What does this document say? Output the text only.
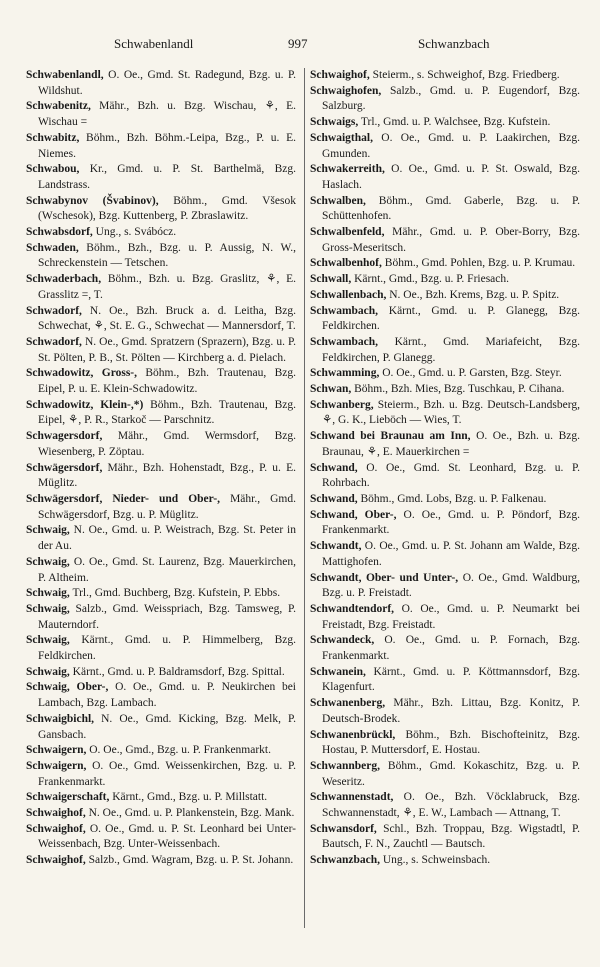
Schwabenlandl	997	Schwanzbach

Schwabenlandl, O. Oe., Gmd. St. Radegund, Bzg. u. P. Wildshut.

Schwabenitz, Mähr., Bzh. u. Bzg. Wischau, ⚘, E. Wischau =

Schwabitz, Böhm., Bzh. Böhm.-Leipa, Bzg., P. u. E. Niemes.

Schwabou, Kr., Gmd. u. P. St. Barthelmä, Bzg. Landstrass.

Schwabynov (Švabinov), Böhm., Gmd. Všesok (Wschesok), Bzg. Kuttenberg, P. Zbraslawitz.

Schwabsdorf, Ung., s. Svábócz.

Schwaden, Böhm., Bzh., Bzg. u. P. Aussig, N. W., Schreckenstein — Tetschen.

Schwaderbach, Böhm., Bzh. u. Bzg. Graslitz, ⚘, E. Grasslitz =, T.

Schwadorf, N. Oe., Bzh. Bruck a. d. Leitha, Bzg. Schwechat, ⚘, St. E. G., Schwechat — Mannersdorf, T.

Schwadorf, N. Oe., Gmd. Spratzern (Sprazern), Bzg. u. P. St. Pölten, P. B., St. Pölten — Kirchberg a. d. Pielach.

Schwadowitz, Gross-, Böhm., Bzh. Trautenau, Bzg. Eipel, P. u. E. Klein-Schwadowitz.

Schwadowitz, Klein-,*) Böhm., Bzh. Trautenau, Bzg. Eipel, ⚘, P. R., Starkoč — Parschnitz.

Schwagersdorf, Mähr., Gmd. Wermsdorf, Bzg. Wiesenberg, P. Zöptau.

Schwägersdorf, Mähr., Bzh. Hohenstadt, Bzg., P. u. E. Müglitz.

Schwägersdorf, Nieder- und Ober-, Mähr., Gmd. Schwägersdorf, Bzg. u. P. Müglitz.

Schwaig, N. Oe., Gmd. u. P. Weistrach, Bzg. St. Peter in der Au.

Schwaig, O. Oe., Gmd. St. Laurenz, Bzg. Mauerkirchen, P. Altheim.

Schwaig, Trl., Gmd. Buchberg, Bzg. Kufstein, P. Ebbs.

Schwaig, Salzb., Gmd. Weisspriach, Bzg. Tamsweg, P. Mauterndorf.

Schwaig, Kärnt., Gmd. u. P. Himmelberg, Bzg. Feldkirchen.

Schwaig, Kärnt., Gmd. u. P. Baldramsdorf, Bzg. Spittal.

Schwaig, Ober-, O. Oe., Gmd. u. P. Neukirchen bei Lambach, Bzg. Lambach.

Schwaigbichl, N. Oe., Gmd. Kicking, Bzg. Melk, P. Gansbach.

Schwaigern, O. Oe., Gmd., Bzg. u. P. Frankenmarkt.

Schwaigern, O. Oe., Gmd. Weissenkirchen, Bzg. u. P. Frankenmarkt.

Schwaigerschaft, Kärnt., Gmd., Bzg. u. P. Millstatt.

Schwaighof, N. Oe., Gmd. u. P. Plankenstein, Bzg. Mank.

Schwaighof, O. Oe., Gmd. u. P. St. Leonhard bei Unter-Weissenbach, Bzg. Unter-Weissenbach.

Schwaighof, Salzb., Gmd. Wagram, Bzg. u. P. St. Johann.

Schwaighof, Steierm., s. Schweighof, Bzg. Friedberg.

Schwaighofen, Salzb., Gmd. u. P. Eugendorf, Bzg. Salzburg.

Schwaigs, Trl., Gmd. u. P. Walchsee, Bzg. Kufstein.

Schwaigthal, O. Oe., Gmd. u. P. Laakirchen, Bzg. Gmunden.

Schwakerreith, O. Oe., Gmd. u. P. St. Oswald, Bzg. Haslach.

Schwalben, Böhm., Gmd. Gaberle, Bzg. u. P. Schüttenhofen.

Schwalbenfeld, Mähr., Gmd. u. P. Ober-Borry, Bzg. Gross-Meseritsch.

Schwalbenhof, Böhm., Gmd. Pohlen, Bzg. u. P. Krumau.

Schwall, Kärnt., Gmd., Bzg. u. P. Friesach.

Schwallenbach, N. Oe., Bzh. Krems, Bzg. u. P. Spitz.

Schwambach, Kärnt., Gmd. u. P. Glanegg, Bzg. Feldkirchen.

Schwambach, Kärnt., Gmd. Mariafeicht, Bzg. Feldkirchen, P. Glanegg.

Schwamming, O. Oe., Gmd. u. P. Garsten, Bzg. Steyr.

Schwan, Böhm., Bzh. Mies, Bzg. Tuschkau, P. Cihana.

Schwanberg, Steierm., Bzh. u. Bzg. Deutsch-Landsberg, ⚘, G. K., Lieböch — Wies, T.

Schwand bei Braunau am Inn, O. Oe., Bzh. u. Bzg. Braunau, ⚘, E. Mauerkirchen =

Schwand, O. Oe., Gmd. St. Leonhard, Bzg. u. P. Rohrbach.

Schwand, Böhm., Gmd. Lobs, Bzg. u. P. Falkenau.

Schwand, Ober-, O. Oe., Gmd. u. P. Pöndorf, Bzg. Frankenmarkt.

Schwandt, O. Oe., Gmd. u. P. St. Johann am Walde, Bzg. Mattighofen.

Schwandt, Ober- und Unter-, O. Oe., Gmd. Waldburg, Bzg. u. P. Freistadt.

Schwandtendorf, O. Oe., Gmd. u. P. Neumarkt bei Freistadt, Bzg. Freistadt.

Schwandeck, O. Oe., Gmd. u. P. Fornach, Bzg. Frankenmarkt.

Schwanein, Kärnt., Gmd. u. P. Köttmannsdorf, Bzg. Klagenfurt.

Schwanenberg, Mähr., Bzh. Littau, Bzg. Konitz, P. Deutsch-Brodek.

Schwanenbrückl, Böhm., Bzh. Bischofteinitz, Bzg. Hostau, P. Muttersdorf, E. Hostau.

Schwannberg, Böhm., Gmd. Kokaschitz, Bzg. u. P. Weseritz.

Schwannenstadt, O. Oe., Bzh. Vöcklabruck, Bzg. Schwannenstadt, ⚘, E. W., Lambach — Attnang, T.

Schwansdorf, Schl., Bzh. Troppau, Bzg. Wigstadtl, P. Bautsch, F. N., Zauchtl — Bautsch.

Schwanzbach, Ung., s. Schweinsbach.
